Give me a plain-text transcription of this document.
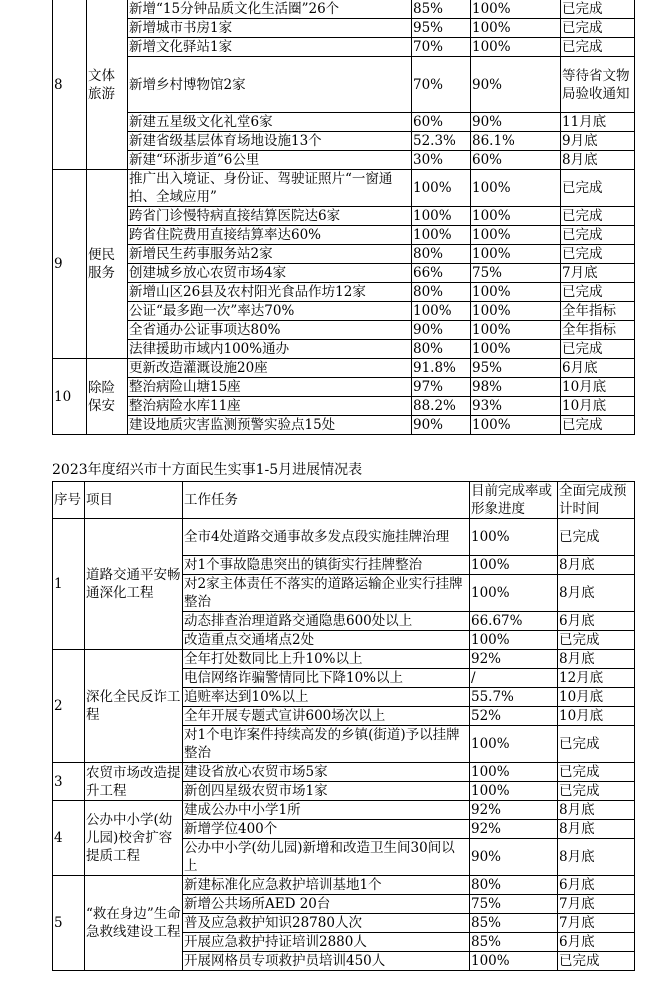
8	文体旅游	新增“15分钟品质文化生活圈”26个	85%	100%	已完成
		新增城市书房1家	95%	100%	已完成
		新增文化驿站1家	70%	100%	已完成
		新增乡村博物馆2家	70%	90%	等待省文物局验收通知
		新建五星级文化礼堂6家	60%	90%	11月底
		新建省级基层体育场地设施13个	52.3%	86.1%	9月底
		新建“环浙步道”6公里	30%	60%	8月底
9	便民服务	推广出入境证、身份证、驾驶证照片“一窗通拍、全域应用”	100%	100%	已完成
		跨省门诊慢特病直接结算医院达6家	100%	100%	已完成
		跨省住院费用直接结算率达60%	100%	100%	已完成
		新增民生药事服务站2家	80%	100%	已完成
		创建城乡放心农贸市场4家	66%	75%	7月底
		新增山区26县及农村阳光食品作坊12家	80%	100%	已完成
		公证“最多跑一次”率达70%	100%	100%	全年指标
		全省通办公证事项达80%	90%	100%	全年指标
		法律援助市域内100%通办	80%	100%	已完成
10	除险保安	更新改造灌溉设施20座	91.8%	95%	6月底
		整治病险山塘15座	97%	98%	10月底
		整治病险水库11座	88.2%	93%	10月底
		建设地质灾害监测预警实验点15处	90%	100%	已完成
2023年度绍兴市十方面民生实事1-5月进展情况表
序号	项目	工作任务	目前完成率或形象进度	全面完成预计时间
1	道路交通平安畅通深化工程	全市4处道路交通事故多发点段实施挂牌治理	100%	已完成
		对1个事故隐患突出的镇街实行挂牌整治	100%	8月底
		对2家主体责任不落实的道路运输企业实行挂牌整治	100%	8月底
		动态排查治理道路交通隐患600处以上	66.67%	6月底
		改造重点交通堵点2处	100%	已完成
2	深化全民反诈工程	全年打处数同比上升10%以上	92%	8月底
		电信网络诈骗警情同比下降10%以上	/	12月底
		追赃率达到10%以上	55.7%	10月底
		全年开展专题式宣讲600场次以上	52%	10月底
		对1个电诈案件持续高发的乡镇(街道)予以挂牌整治	100%	已完成
3	农贸市场改造提升工程	建设省放心农贸市场5家	100%	已完成
		新创四星级农贸市场1家	100%	已完成
4	公办中小学(幼儿园)校舍扩容提质工程	建成公办中小学1所	92%	8月底
		新增学位400个	92%	8月底
		公办中小学(幼儿园)新增和改造卫生间30间以上	90%	8月底
5	“救在身边”生命急救线建设工程	新建标准化应急救护培训基地1个	80%	6月底
		新增公共场所AED 20台	75%	7月底
		普及应急救护知识28780人次	85%	7月底
		开展应急救护持证培训2880人	85%	6月底
		开展网格员专项救护员培训450人	100%	已完成
